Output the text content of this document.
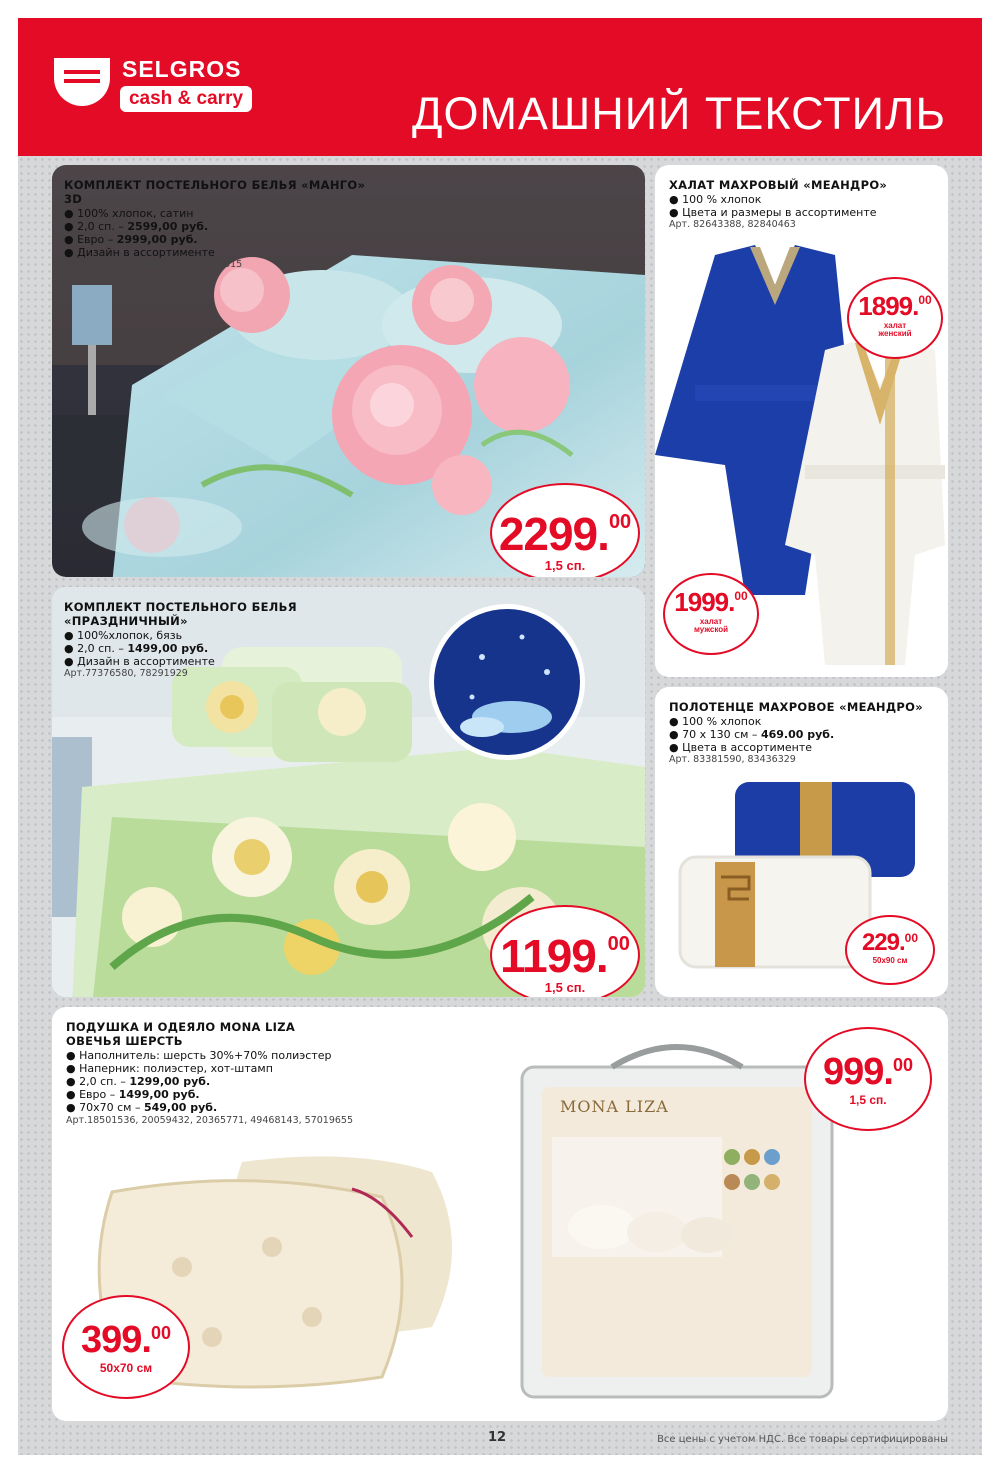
SELGROS
cash & carry	ДОМАШНИЙ ТЕКСТИЛЬ
КОМПЛЕКТ ПОСТЕЛЬНОГО БЕЛЬЯ «МАНГО» 3D
● 100% хлопок, сатин
● 2,0 сп. – 2599,00 руб.
● Евро – 2999,00 руб.
● Дизайн в ассортименте
Арт.10229714, 10675155, 15426315
2299.00
1,5 сп.
ХАЛАТ МАХРОВЫЙ «МЕАНДРО»
● 100 % хлопок
● Цвета и размеры в ассортименте
Арт. 82643388, 82840463
1899.00
халат
женский
1999.00
халат
мужской
КОМПЛЕКТ ПОСТЕЛЬНОГО БЕЛЬЯ
«ПРАЗДНИЧНЫЙ»
● 100%хлопок, бязь
● 2,0 сп. – 1499,00 руб.
● Дизайн в ассортименте
Арт.77376580, 78291929
1199.00
1,5 сп.
ПОЛОТЕНЦЕ МАХРОВОЕ «МЕАНДРО»
● 100 % хлопок
● 70 х 130 см – 469.00 руб.
● Цвета в ассортименте
Арт. 83381590, 83436329
229.00
50х90 см
MONA LIZA
ПОДУШКА И ОДЕЯЛО MONA LIZA
ОВЕЧЬЯ ШЕРСТЬ
● Наполнитель: шерсть 30%+70% полиэстер
● Наперник: полиэстер, хот-штамп
● 2,0 сп. – 1299,00 руб.
● Евро – 1499,00 руб.
● 70х70 см – 549,00 руб.
Арт.18501536, 20059432, 20365771, 49468143, 57019655
999.00
1,5 сп.
399.00
50х70 см
12	Все цены с учетом НДС. Все товары сертифицированы
